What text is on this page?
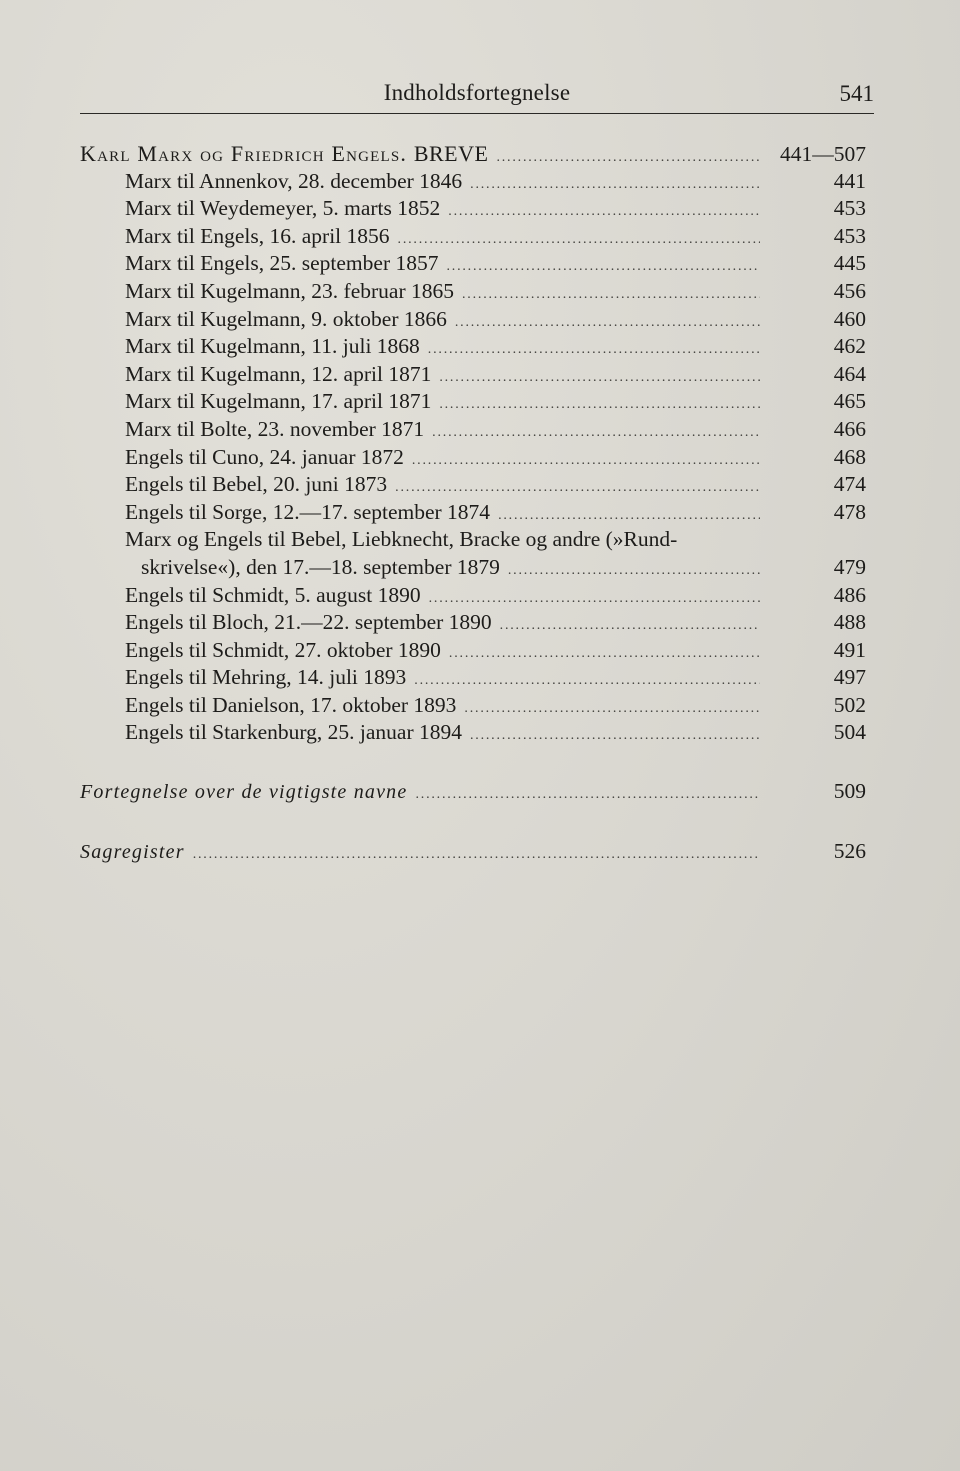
Indholdsfortegnelse	541
Karl Marx og Friedrich Engels. BREVE .....	441—507
Marx til Annenkov, 28. december 1846 .....	441
Marx til Weydemeyer, 5. marts 1852 .....	453
Marx til Engels, 16. april 1856 .....	453
Marx til Engels, 25. september 1857 .....	445
Marx til Kugelmann, 23. februar 1865 .....	456
Marx til Kugelmann, 9. oktober 1866 .....	460
Marx til Kugelmann, 11. juli 1868 .....	462
Marx til Kugelmann, 12. april 1871 .....	464
Marx til Kugelmann, 17. april 1871 .....	465
Marx til Bolte, 23. november 1871 .....	466
Engels til Cuno, 24. januar 1872 .....	468
Engels til Bebel, 20. juni 1873 .....	474
Engels til Sorge, 12.—17. september 1874 .....	478
Marx og Engels til Bebel, Liebknecht, Bracke og andre (»Rund-
skrivelse«), den 17.—18. september 1879 .....	479
Engels til Schmidt, 5. august 1890 .....	486
Engels til Bloch, 21.—22. september 1890 .....	488
Engels til Schmidt, 27. oktober 1890 .....	491
Engels til Mehring, 14. juli 1893 .....	497
Engels til Danielson, 17. oktober 1893 .....	502
Engels til Starkenburg, 25. januar 1894 .....	504
Fortegnelse over de vigtigste navne .....	509
Sagregister .....	526
